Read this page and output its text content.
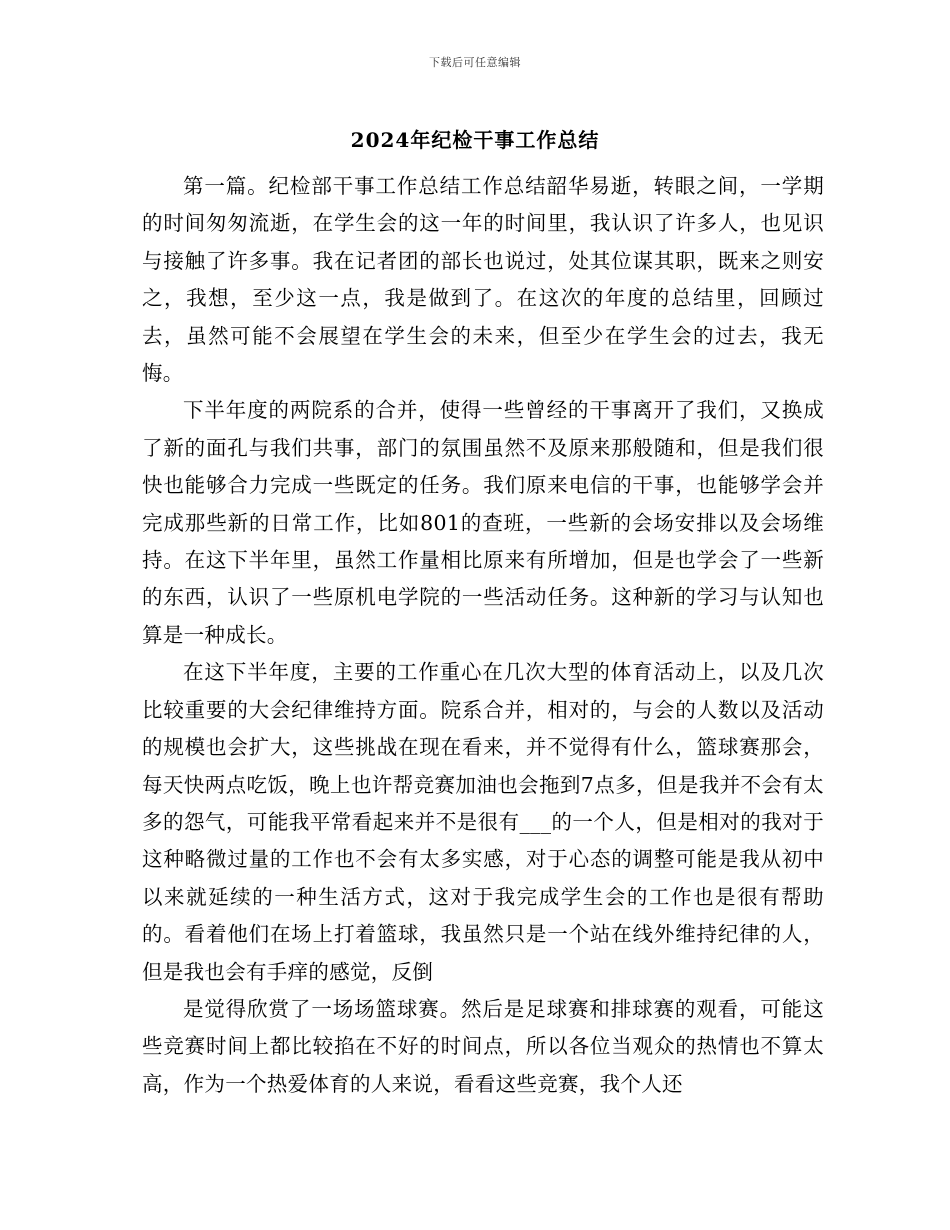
下载后可任意编辑
2024年纪检干事工作总结

第一篇。纪检部干事工作总结工作总结韶华易逝，转眼之间，一学期的时间匆匆流逝，在学生会的这一年的时间里，我认识了许多人，也见识与接触了许多事。我在记者团的部长也说过，处其位谋其职，既来之则安之，我想，至少这一点，我是做到了。在这次的年度的总结里，回顾过去，虽然可能不会展望在学生会的未来，但至少在学生会的过去，我无悔。

下半年度的两院系的合并，使得一些曾经的干事离开了我们，又换成了新的面孔与我们共事，部门的氛围虽然不及原来那般随和，但是我们很快也能够合力完成一些既定的任务。我们原来电信的干事，也能够学会并完成那些新的日常工作，比如801的查班，一些新的会场安排以及会场维持。在这下半年里，虽然工作量相比原来有所增加，但是也学会了一些新的东西，认识了一些原机电学院的一些活动任务。这种新的学习与认知也算是一种成长。

在这下半年度，主要的工作重心在几次大型的体育活动上，以及几次比较重要的大会纪律维持方面。院系合并，相对的，与会的人数以及活动的规模也会扩大，这些挑战在现在看来，并不觉得有什么，篮球赛那会，每天快两点吃饭，晚上也许帮竞赛加油也会拖到7点多，但是我并不会有太多的怨气，可能我平常看起来并不是很有___的一个人，但是相对的我对于这种略微过量的工作也不会有太多实感，对于心态的调整可能是我从初中以来就延续的一种生活方式，这对于我完成学生会的工作也是很有帮助的。看着他们在场上打着篮球，我虽然只是一个站在线外维持纪律的人，但是我也会有手痒的感觉，反倒

是觉得欣赏了一场场篮球赛。然后是足球赛和排球赛的观看，可能这些竞赛时间上都比较掐在不好的时间点，所以各位当观众的热情也不算太高，作为一个热爱体育的人来说，看看这些竞赛，我个人还
